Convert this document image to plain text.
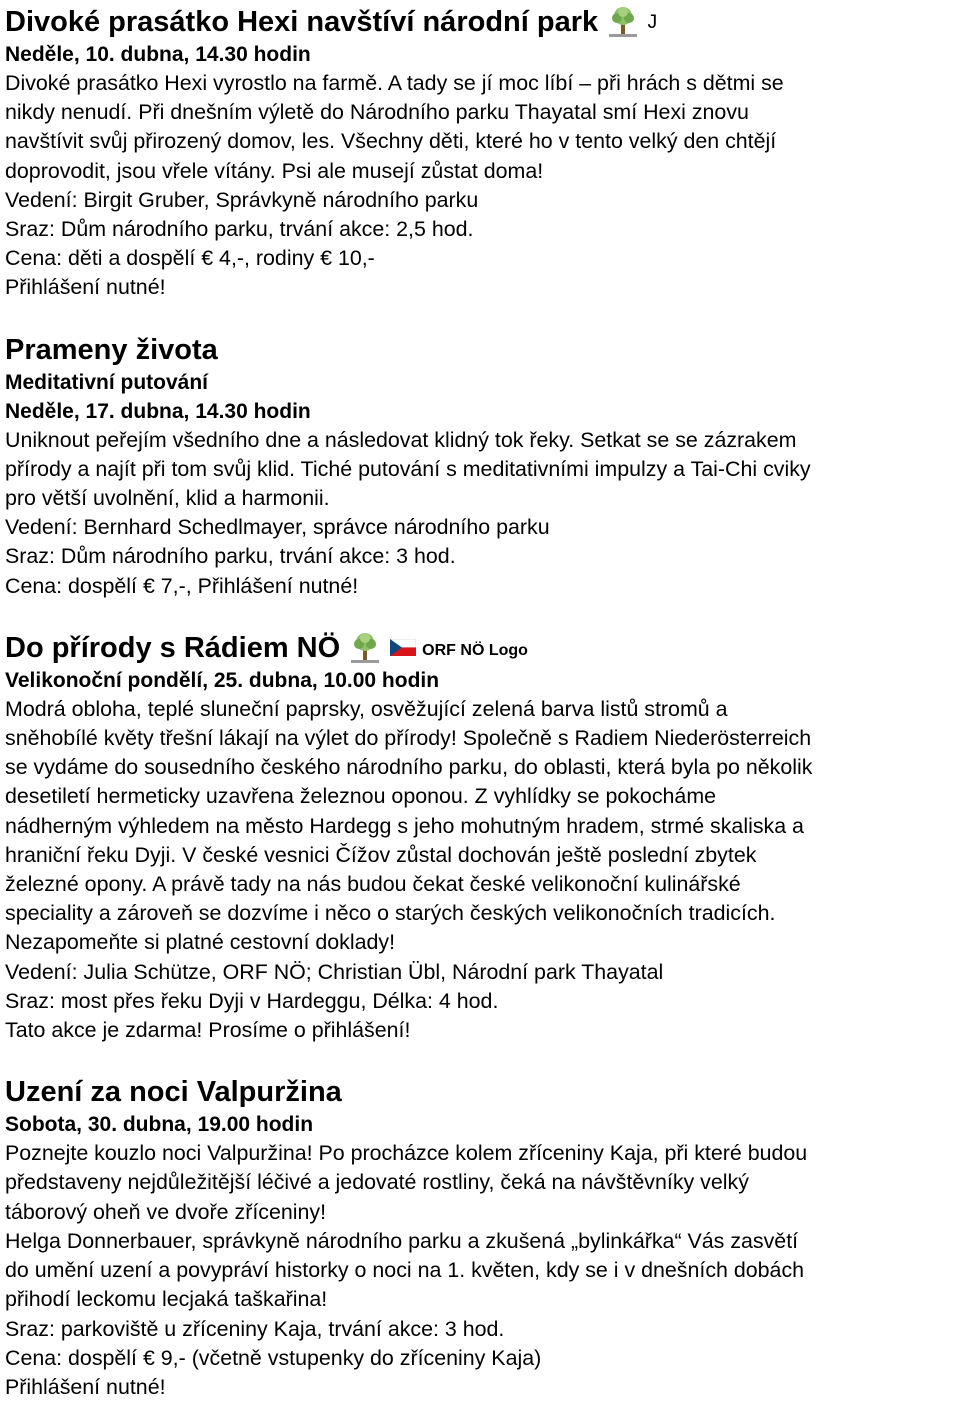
Divoké prasátko Hexi navštíví národní park J

Neděle, 10. dubna, 14.30 hodin

Divoké prasátko Hexi vyrostlo na farmě. A tady se jí moc líbí – při hrách s dětmi se
nikdy nenudí. Při dnešním výletě do Národního parku Thayatal smí Hexi znovu
navštívit svůj přirozený domov, les. Všechny děti, které ho v tento velký den chtějí
doprovodit, jsou vřele vítány. Psi ale musejí zůstat doma!
Vedení: Birgit Gruber, Správkyně národního parku
Sraz: Dům národního parku, trvání akce: 2,5 hod.
Cena: děti a dospělí € 4,-, rodiny € 10,-
Přihlášení nutné!
Prameny života

Meditativní putování

Neděle, 17. dubna, 14.30 hodin

Uniknout peřejím všedního dne a následovat klidný tok řeky. Setkat se se zázrakem
přírody a najít při tom svůj klid. Tiché putování s meditativními impulzy a Tai-Chi cviky
pro větší uvolnění, klid a harmonii.
Vedení: Bernhard Schedlmayer, správce národního parku
Sraz: Dům národního parku, trvání akce: 3 hod.
Cena: dospělí € 7,-, Přihlášení nutné!
Do přírody s Rádiem NÖ	ORF NÖ Logo

Velikonoční pondělí, 25. dubna, 10.00 hodin

Modrá obloha, teplé sluneční paprsky, osvěžující zelená barva listů stromů a
sněhobílé květy třešní lákají na výlet do přírody! Společně s Radiem Niederösterreich
se vydáme do sousedního českého národního parku, do oblasti, která byla po několik
desetiletí hermeticky uzavřena železnou oponou. Z vyhlídky se pokochá​me
nádherným výhledem na město Hardegg s jeho mohutným hradem, strmé skaliska a
hraniční řeku Dyji. V české vesnici Čížov zůstal dochován ještě poslední zbytek
železné opony. A právě tady na nás budou čekat české velikonoční kulinářské
speciality a zároveň se dozvíme i něco o starých českých velikonočních tradicích.
Nezapomeňte si platné cestovní doklady!
Vedení: Julia Schütze, ORF NÖ; Christian Übl, Národní park Thayatal
Sraz: most přes řeku Dyji v Hardeggu, Délka: 4 hod.
Tato akce je zdarma! Prosíme o přihlášení!
Uzení za noci Valpuržina

Sobota, 30. dubna, 19.00 hodin

Poznejte kouzlo noci Valpuržina! Po procházce kolem zříceniny Kaja, při které budou
představeny nejdůležitější léčivé a jedovaté rostliny, čeká na návštěvníky velký
táborový oheň ve dvoře zříceniny!
Helga Donnerbauer, správkyně národního parku a zkušená „bylinkářka“ Vás zasvětí
do umění uzení a povypráví historky o noci na 1. květen, kdy se i v dnešních dobách
přihodí leckomu lecjaká taškařina!
Sraz: parkoviště u zříceniny Kaja, trvání akce: 3 hod.
Cena: dospělí € 9,- (včetně vstupenky do zříceniny Kaja)
Přihlášení nutné!
